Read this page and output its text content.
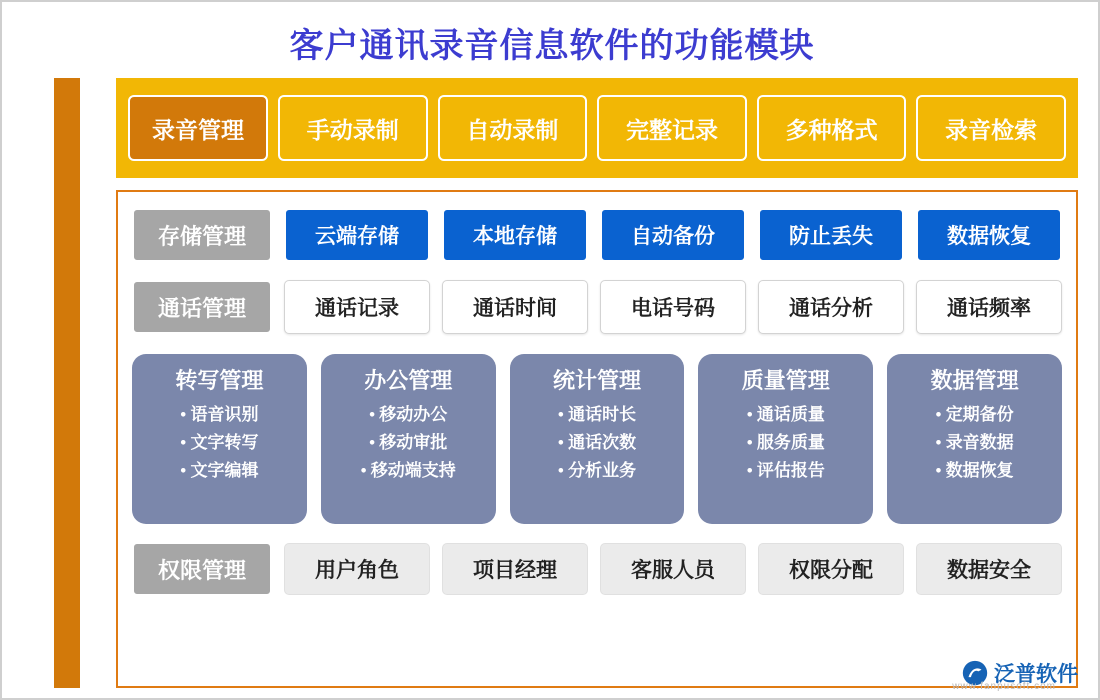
客户通讯录音信息软件的功能模块
录音管理	手动录制	自动录制	完整记录	多种格式	录音检索
存储管理	云端存储	本地存储	自动备份	防止丢失	数据恢复
通话管理	通话记录	通话时间	电话号码	通话分析	通话频率
转写管理
• 语音识别
• 文字转写
• 文字编辑
办公管理
• 移动办公
• 移动审批
• 移动端支持
统计管理
• 通话时长
• 通话次数
• 分析业务
质量管理
• 通话质量
• 服务质量
• 评估报告
数据管理
• 定期备份
• 录音数据
• 数据恢复
权限管理	用户角色	项目经理	客服人员	权限分配	数据安全
泛普软件
www.fanpusoft.com
